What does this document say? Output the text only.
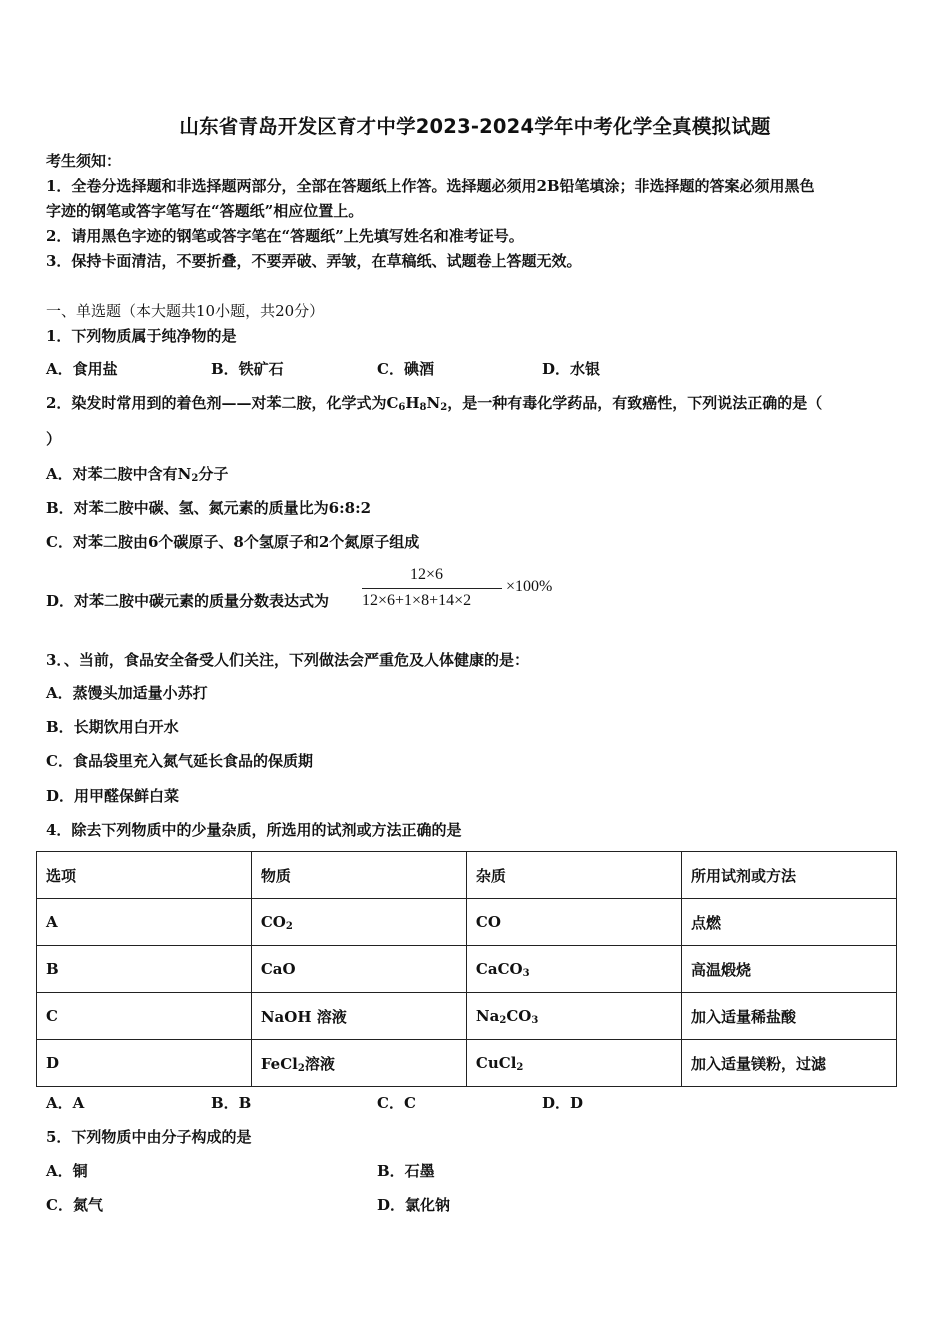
山东省青岛开发区育才中学2023-2024学年中考化学全真模拟试题
考生须知：
1．全卷分选择题和非选择题两部分，全部在答题纸上作答。选择题必须用2B铅笔填涂；非选择题的答案必须用黑色
字迹的钢笔或答字笔写在“答题纸”相应位置上。
2．请用黑色字迹的钢笔或答字笔在“答题纸”上先填写姓名和准考证号。
3．保持卡面清洁，不要折叠，不要弄破、弄皱，在草稿纸、试题卷上答题无效。
一、单选题（本大题共10小题，共20分）
1．下列物质属于纯净物的是
A．食用盐	B．铁矿石	C．碘酒	D．水银
2．染发时常用到的着色剂——对苯二胺，化学式为$C_6H_8N_2$，是一种有毒化学药品，有致癌性，下列说法正确的是（
）
A．对苯二胺中含有$N_2$分子
B．对苯二胺中碳、氢、氮元素的质量比为6:8:2
C．对苯二胺由6个碳原子、8个氢原子和2个氮原子组成
D．对苯二胺中碳元素的质量分数表达式为
12×6
12×6+1×8+14×2
×100%
3．、当前，食品安全备受人们关注，下列做法会严重危及人体健康的是：
A．蒸馒头加适量小苏打
B．长期饮用白开水
C．食品袋里充入氮气延长食品的保质期
D．用甲醛保鲜白菜
4．除去下列物质中的少量杂质，所选用的试剂或方法正确的是
选项	物质	杂质	所用试剂或方法
A	$CO_2$	CO	点燃
B	CaO	CaCO$_3$	高温煅烧
C	NaOH 溶液	$Na_2CO_3$	加入适量稀盐酸
D	FeCl$_2$溶液	CuCl$_2$	加入适量镁粉，过滤
A．A	B．B	C．C	D．D
5．下列物质中由分子构成的是
A．铜	B．石墨
C．氮气	D．氯化钠
